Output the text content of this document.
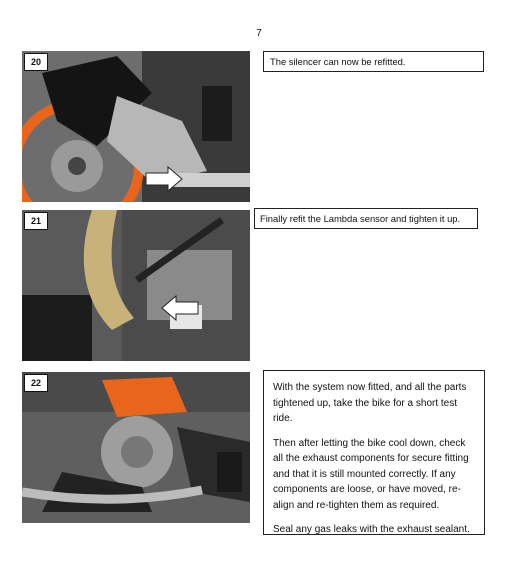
7
20	The silencer can now be refitted.

21	Finally refit the Lambda sensor and tighten it up.

22	With the system now fitted, and all the parts tightened up, take the bike for a short test ride.

Then after letting the bike cool down, check all the exhaust components for secure fitting and that it is still mounted correctly. If any components are loose, or have moved, re-align and re-tighten them as required.

Seal any gas leaks with the exhaust sealant.
